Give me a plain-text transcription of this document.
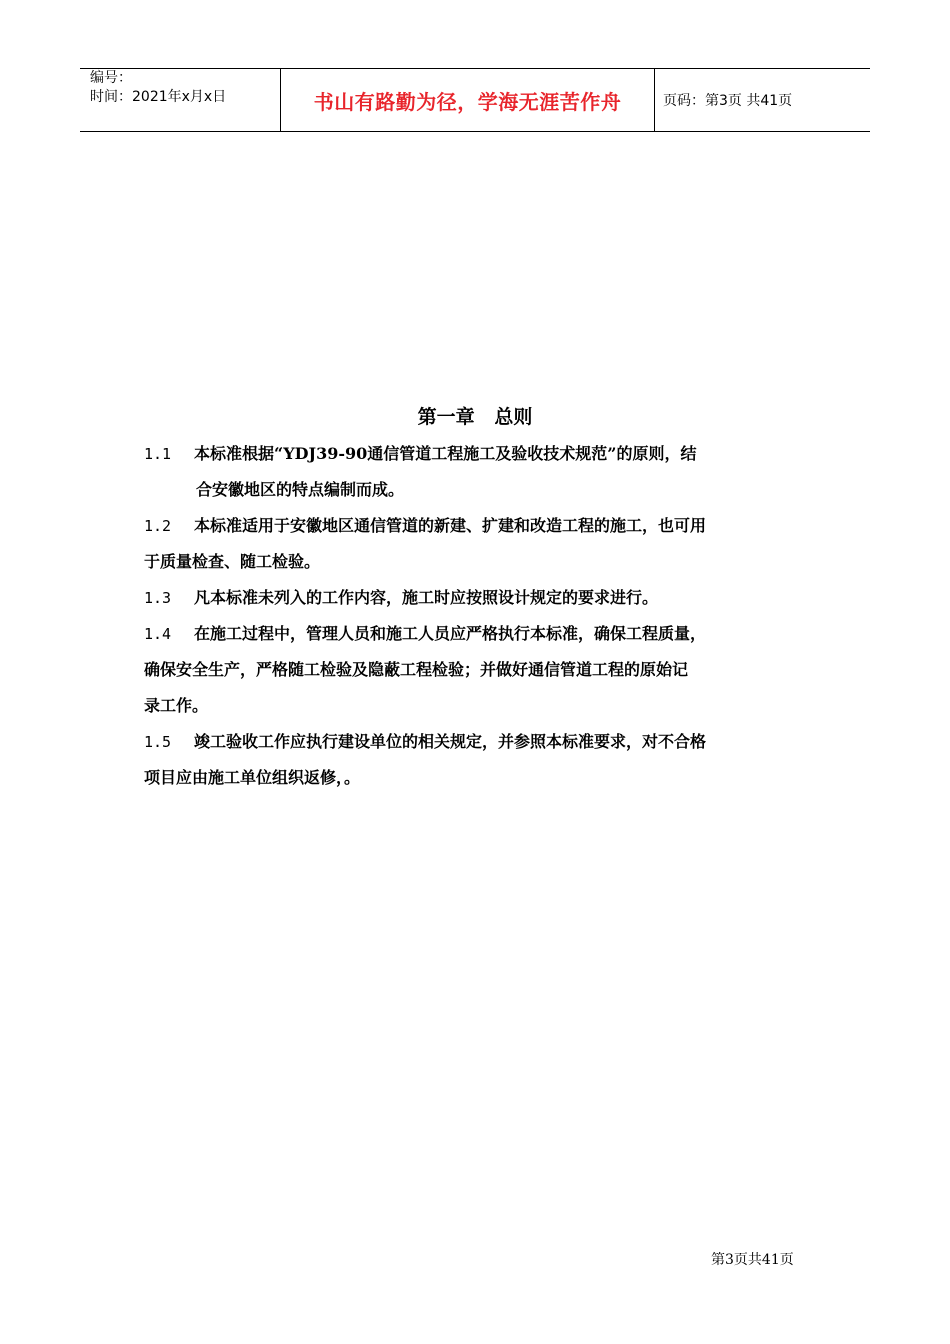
编号：
时间：2021年x月x日	书山有路勤为径，学海无涯苦作舟	页码：第3页 共41页
第一章   总则
1.1 本标准根据“YDJ39-90通信管道工程施工及验收技术规范”的原则，结
合安徽地区的特点编制而成。
1.2 本标准适用于安徽地区通信管道的新建、扩建和改造工程的施工，也可用
于质量检查、随工检验。
1.3 凡本标准未列入的工作内容，施工时应按照设计规定的要求进行。
1.4 在施工过程中，管理人员和施工人员应严格执行本标准，确保工程质量，
确保安全生产，严格随工检验及隐蔽工程检验；并做好通信管道工程的原始记
录工作。
1.5 竣工验收工作应执行建设单位的相关规定，并参照本标准要求，对不合格
项目应由施工单位组织返修，。
第3页共41页
